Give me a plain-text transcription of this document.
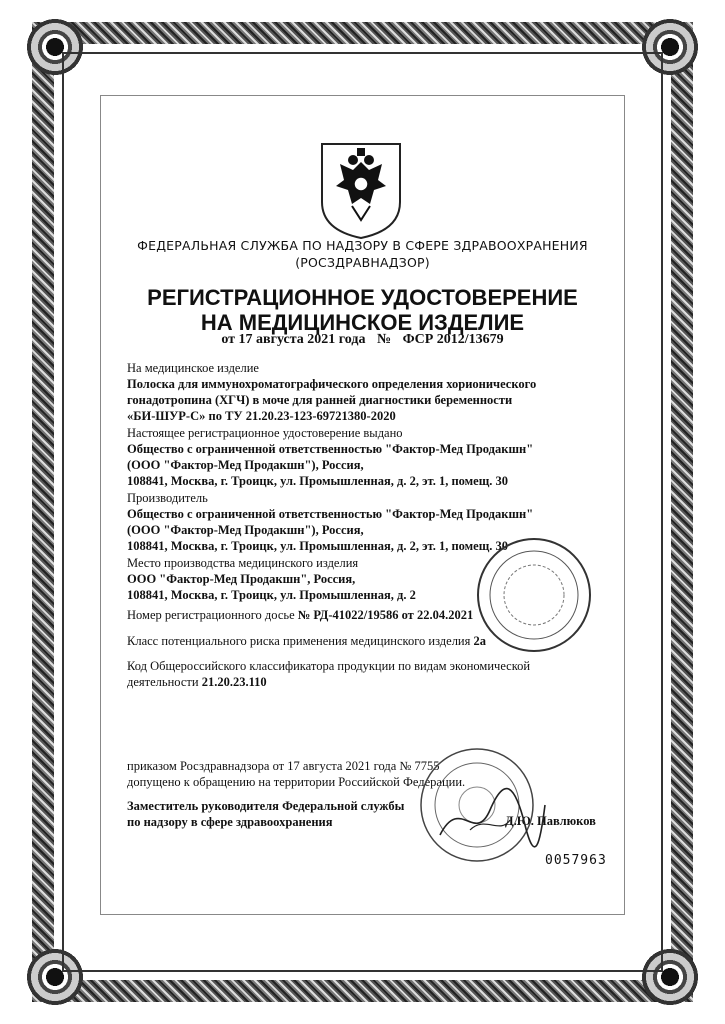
ФЕДЕРАЛЬНАЯ СЛУЖБА ПО НАДЗОРУ В СФЕРЕ ЗДРАВООХРАНЕНИЯ
(РОСЗДРАВНАДЗОР)
РЕГИСТРАЦИОННОЕ УДОСТОВЕРЕНИЕ
НА МЕДИЦИНСКОЕ ИЗДЕЛИЕ
от 17 августа 2021 года № ФСР 2012/13679
На медицинское изделие
Полоска для иммунохроматографического определения хорионического
гонадотропина (ХГЧ) в моче для ранней диагностики беременности
«БИ-ШУР-С» по ТУ 21.20.23-123-69721380-2020
Настоящее регистрационное удостоверение выдано
Общество с ограниченной ответственностью "Фактор-Мед Продакшн"
(ООО "Фактор-Мед Продакшн"), Россия,
108841, Москва, г. Троицк, ул. Промышленная, д. 2, эт. 1, помещ. 30
Производитель
Общество с ограниченной ответственностью "Фактор-Мед Продакшн"
(ООО "Фактор-Мед Продакшн"), Россия,
108841, Москва, г. Троицк, ул. Промышленная, д. 2, эт. 1, помещ. 30
Место производства медицинского изделия
ООО "Фактор-Мед Продакшн", Россия,
108841, Москва, г. Троицк, ул. Промышленная, д. 2
Номер регистрационного досье № РД-41022/19586 от 22.04.2021
Класс потенциального риска применения медицинского изделия 2а
Код Общероссийского классификатора продукции по видам экономической
деятельности 21.20.23.110
приказом Росздравнадзора от 17 августа 2021 года № 7755
допущено к обращению на территории Российской Федерации.
Заместитель руководителя Федеральной службы
по надзору в сфере здравоохранения	Д.Ю. Павлюков
0057963
